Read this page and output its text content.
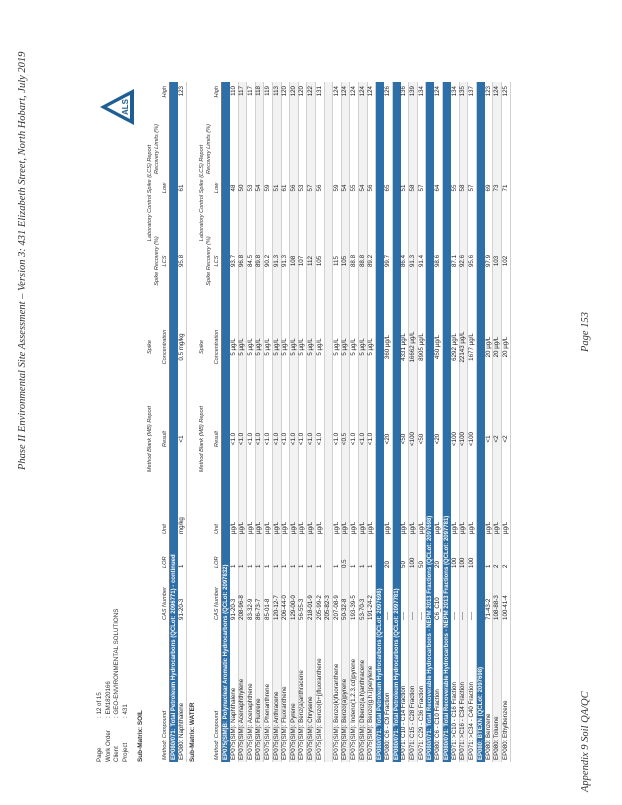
Phase II Environmental Site Assessment – Version 3: 431 Elizabeth Street, North Hobart, July 2019	Page 153
Appendix 9 Soil QA/QC
Page
: 12 of 15
Work Order
: EM1820166
Client
: GEO-ENVIRONMENTAL SOLUTIONS
Project
: 431
ALS
Sub-Matrix: SOIL
Method Blank (MB) Report
Spike
Laboratory Control Spike (LCS) Report
Spike Recovery (%)
Recovery Limits (%)
Method: Compound
CAS Number
LOR
Unit
Result
Concentration
LCS
Low
High
EP080/071: Total Petroleum Hydrocarbons (QCLot: 2096771) - continued EP080: Naphthalene
91-20-3
1
mg/kg
<1
0.5 mg/kg
95.8
61
123
Sub-Matrix: WATER
Method Blank (MB) Report
Spike
Laboratory Control Spike (LCS) Report
Spike Recovery (%)
Recovery Limits (%)
Method: Compound
CAS Number
LOR
Unit
Result
Concentration
LCS
Low
High
EP075(SIM)B: Polynuclear Aromatic Hydrocarbons (QCLot: 2097832) EP075(SIM): Naphthalene
91-20-3
1
µg/L
<1.0
5 µg/L
93.7
48
110
EP075(SIM): Acenaphthylene
208-96-8
1
µg/L
<1.0
5 µg/L
96.8
50
117
EP075(SIM): Acenaphthene
83-32-9
1
µg/L
<1.0
5 µg/L
84.5
53
117
EP075(SIM): Fluorene
86-73-7
1
µg/L
<1.0
5 µg/L
89.8
54
118
EP075(SIM): Phenanthrene
85-01-8
1
µg/L
<1.0
5 µg/L
90.2
59
119
EP075(SIM): Anthracene
120-12-7
1
µg/L
<1.0
5 µg/L
91.3
51
113
EP075(SIM): Fluoranthene
206-44-0
1
µg/L
<1.0
5 µg/L
91.3
61
120
EP075(SIM): Pyrene
129-00-0
1
µg/L
<1.0
5 µg/L
108
56
120
EP075(SIM): Benz(a)anthracene
56-55-3
1
µg/L
<1.0
5 µg/L
107
53
120
EP075(SIM): Chrysene
218-01-9
1
µg/L
<1.0
5 µg/L
112
57
122
EP075(SIM): Benzo(b+j)fluoranthene
205-99-2
1
µg/L
<1.0
5 µg/L
105
56
131
205-82-3
EP075(SIM): Benzo(k)fluoranthene
207-08-9
1
µg/L
<1.0
5 µg/L
115
59
124
EP075(SIM): Benzo(a)pyrene
50-32-8
0.5
µg/L
<0.5
5 µg/L
105
54
124
EP075(SIM): Indeno(1.2.3.cd)pyrene
193-39-5
1
µg/L
<1.0
5 µg/L
88.8
55
124
EP075(SIM): Dibenz(a.h)anthracene
53-70-3
1
µg/L
<1.0
5 µg/L
88.8
54
124
EP075(SIM): Benzo(g.h.i)perylene
191-24-2
1
µg/L
<1.0
5 µg/L
89.2
56
124
EP080/071: Total Petroleum Hydrocarbons (QCLot: 2097698) EP080: C6 - C9 Fraction
----
20
µg/L
<20
360 µg/L
99.7
65
126
EP080/071: Total Petroleum Hydrocarbons (QCLot: 2097781) EP071: C10 - C14 Fraction
----
50
µg/L
<50
4331 µg/L
86.4
51
136
EP071: C15 - C28 Fraction
----
100
µg/L
<100
16662 µg/L
91.3
58
139
EP071: C29 - C36 Fraction
----
50
µg/L
<50
8905 µg/L
91.4
57
134
EP080/071: Total Recoverable Hydrocarbons - NEPM 2013 Fractions (QCLot: 2097698) EP080: C6 - C10 Fraction
C6_C10
20
µg/L
<20
450 µg/L
98.6
64
124
EP080/071: Total Recoverable Hydrocarbons - NEPM 2013 Fractions (QCLot: 2097781) EP071: >C10 - C16 Fraction
----
100
µg/L
<100
6292 µg/L
87.1
55
134
EP071: >C16 - C34 Fraction
----
100
µg/L
<100
22143 µg/L
92.6
58
135
EP071: >C34 - C40 Fraction
----
100
µg/L
<100
1677 µg/L
95.6
57
137
EP080: BTEXN (QCLot: 2097698) EP080: Benzene
71-43-2
1
µg/L
<1
20 µg/L
97.9
69
123
EP080: Toluene
108-88-3
2
µg/L
<2
20 µg/L
103
73
124
EP080: Ethylbenzene
100-41-4
2
µg/L
<2
20 µg/L
102
71
125
